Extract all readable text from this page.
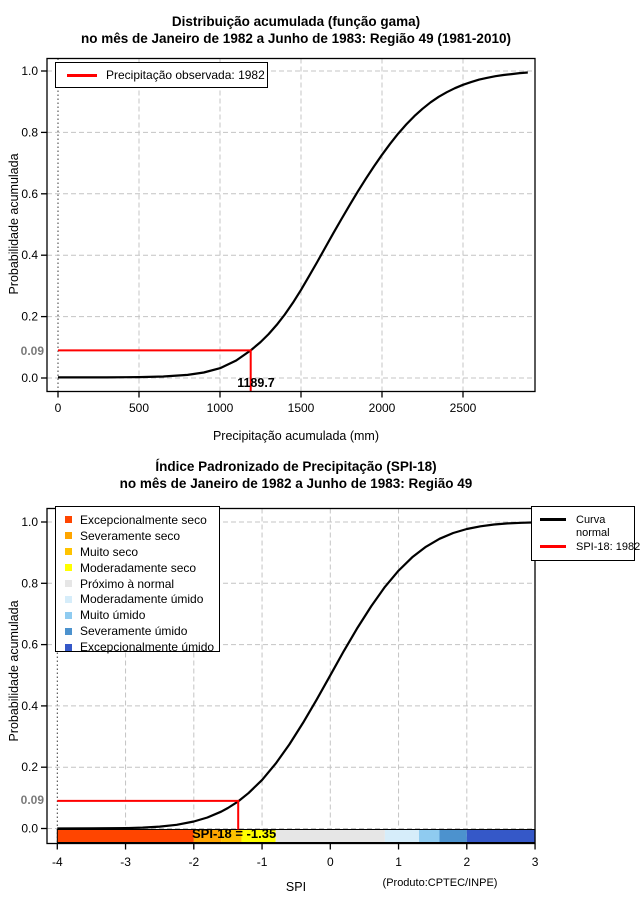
0	500	1000	1500	2000	2500
0.0
0.2
0.4
0.6
0.8
1.0
-4	-3	-2	-1	0	1	2	3
0.0
0.2
0.4
0.6
0.8
1.0
Distribuição acumulada (função gama)
no mês de Janeiro de 1982 a Junho de 1983: Região 49 (1981-2010)
Probabilidade acumulada
Precipitação acumulada (mm)
Precipitação observada: 1982
0.09
1189.7
Índice Padronizado de Precipitação (SPI-18)
no mês de Janeiro de 1982 a Junho de 1983: Região 49
Probabilidade acumulada
SPI	(Produto:CPTEC/INPE)
Excepcionalmente seco
Severamente seco
Muito seco
Moderadamente seco
Próximo à normal
Moderadamente úmido
Muito úmido
Severamente úmido
Excepcionalmente úmido
Curva
normal
SPI-18: 1982
0.09
SPI-18 = -1.35
